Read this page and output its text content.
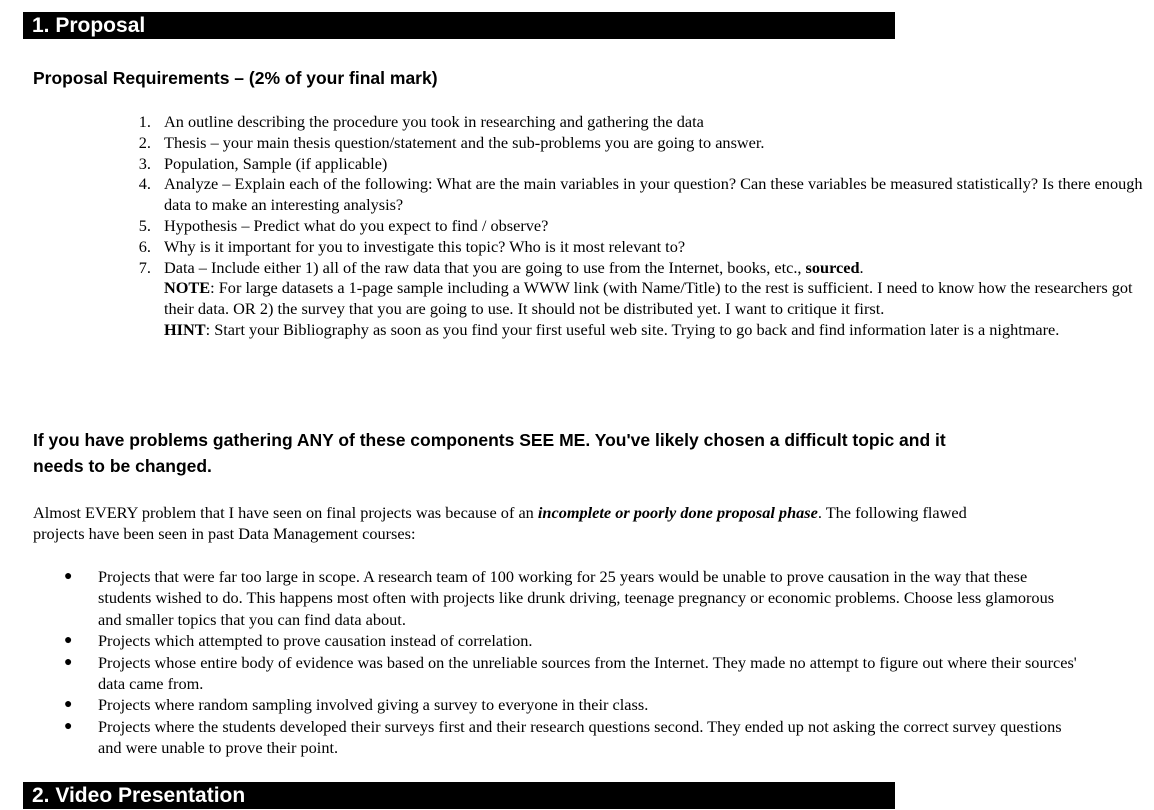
1. Proposal
Proposal Requirements – (2% of your final mark)
1. An outline describing the procedure you took in researching and gathering the data
2. Thesis – your main thesis question/statement and the sub-problems you are going to answer.
3. Population, Sample (if applicable)
4. Analyze – Explain each of the following: What are the main variables in your question? Can these variables be measured statistically? Is there enough data to make an interesting analysis?
5. Hypothesis – Predict what do you expect to find / observe?
6. Why is it important for you to investigate this topic? Who is it most relevant to?
7. Data – Include either 1) all of the raw data that you are going to use from the Internet, books, etc., sourced.
NOTE: For large datasets a 1-page sample including a WWW link (with Name/Title) to the rest is sufficient. I need to know how the researchers got their data. OR 2) the survey that you are going to use. It should not be distributed yet. I want to critique it first.
HINT: Start your Bibliography as soon as you find your first useful web site. Trying to go back and find information later is a nightmare.
If you have problems gathering ANY of these components SEE ME. You've likely chosen a difficult topic and it needs to be changed.

Almost EVERY problem that I have seen on final projects was because of an incomplete or poorly done proposal phase. The following flawed projects have been seen in past Data Management courses:

● Projects that were far too large in scope. A research team of 100 working for 25 years would be unable to prove causation in the way that these students wished to do. This happens most often with projects like drunk driving, teenage pregnancy or economic problems. Choose less glamorous and smaller topics that you can find data about.
● Projects which attempted to prove causation instead of correlation.
● Projects whose entire body of evidence was based on the unreliable sources from the Internet. They made no attempt to figure out where their sources' data came from.
● Projects where random sampling involved giving a survey to everyone in their class.
● Projects where the students developed their surveys first and their research questions second. They ended up not asking the correct survey questions and were unable to prove their point.
2. Video Presentation
